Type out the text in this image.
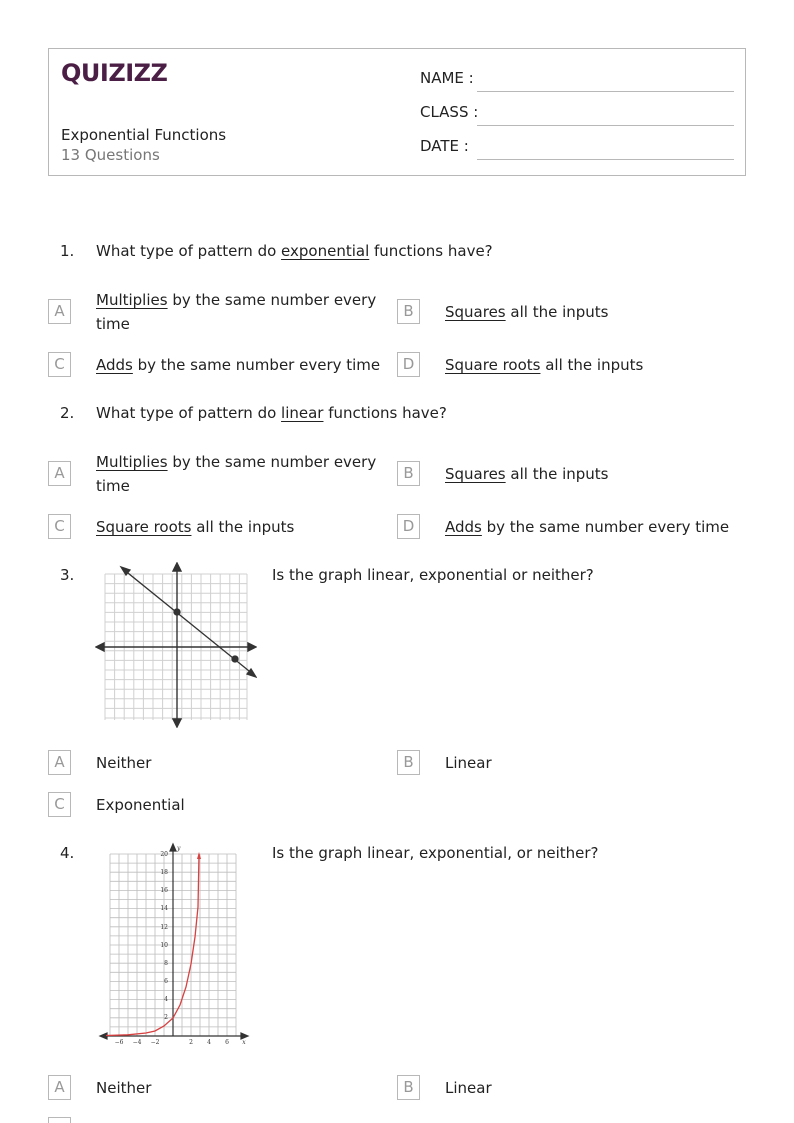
QUIZIZZ
Exponential Functions
13 Questions
NAME :
CLASS :
DATE :
1. What type of pattern do exponential functions have?
A
Multiplies by the same number every time
B	Squares all the inputs
C	Adds by the same number every time	D	Square roots all the inputs
2. What type of pattern do linear functions have?
A
Multiplies by the same number every time
B	Squares all the inputs
C	Square roots all the inputs	D	Adds by the same number every time
3.	Is the graph linear, exponential or neither?
A	Neither	B	Linear
C	Exponential
4.
2
4
6
8
10
12
14
16
18
20
y
−6 −4 −2	2 4 6 x
Is the graph linear, exponential, or neither?
A	Neither	B	Linear
